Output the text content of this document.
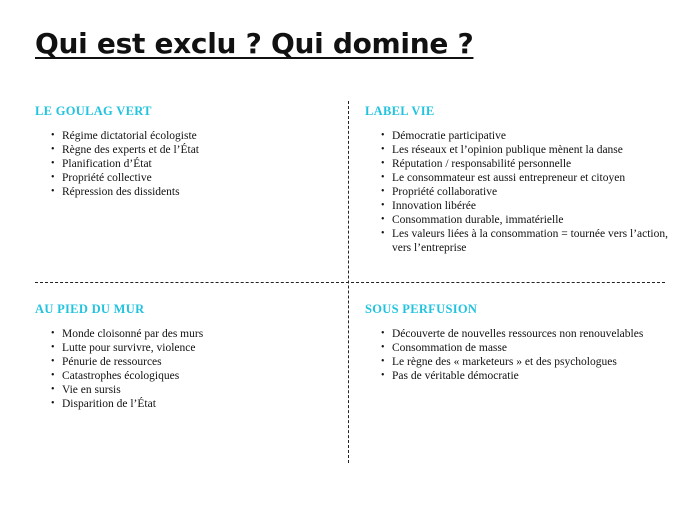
Qui est exclu ? Qui domine ?
LE GOULAG VERT
• Régime dictatorial écologiste
• Règne des experts et de l’État
• Planification d’État
• Propriété collective
• Répression des dissidents
LABEL VIE
• Démocratie participative
• Les réseaux et l’opinion publique mènent la danse
• Réputation / responsabilité personnelle
• Le consommateur est aussi entrepreneur et citoyen
• Propriété collaborative
• Innovation libérée
• Consommation durable, immatérielle
• Les valeurs liées à la consommation = tournée vers l’action, vers l’entreprise
AU PIED DU MUR
• Monde cloisonné par des murs
• Lutte pour survivre, violence
• Pénurie de ressources
• Catastrophes écologiques
• Vie en sursis
• Disparition de l’État
SOUS PERFUSION
• Découverte de nouvelles ressources non renouvelables
• Consommation de masse
• Le règne des « marketeurs » et des psychologues
• Pas de véritable démocratie
